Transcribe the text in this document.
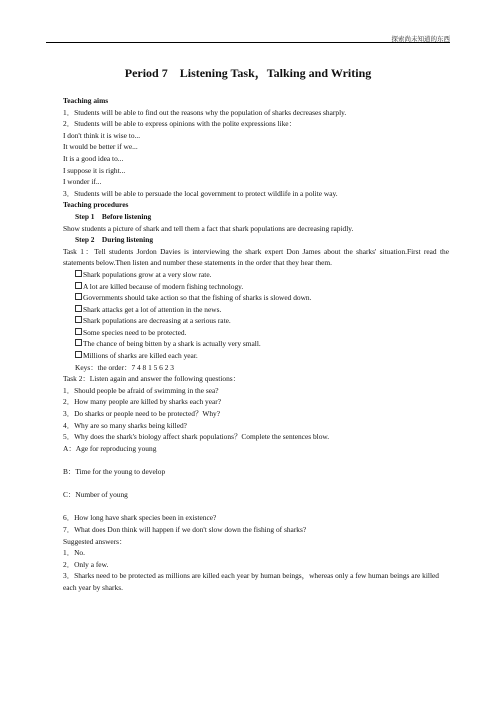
探索尚未知道的东西
Period 7　Listening Task，Talking and Writing
Teaching aims
1．Students will be able to find out the reasons why the population of sharks decreases sharply.
2．Students will be able to express opinions with the polite expressions like：
I don't think it is wise to...
It would be better if we...
It is a good idea to...
I suppose it is right...
I wonder if...
3．Students will be able to persuade the local government to protect wildlife in a polite way.
Teaching procedures
Step 1　Before listening
Show students a picture of shark and tell them a fact that shark populations are decreasing rapidly.
Step 2　During listening
Task 1：Tell students Jordon Davies is interviewing the shark expert Don James about the sharks' situation.First read the statements below.Then listen and number these statements in the order that they hear them.
Shark populations grow at a very slow rate.
A lot are killed because of modern fishing technology.
Governments should take action so that the fishing of sharks is slowed down.
Shark attacks get a lot of attention in the news.
Shark populations are decreasing at a serious rate.
Some species need to be protected.
The chance of being bitten by a shark is actually very small.
Millions of sharks are killed each year.
Keys：the order：7 4 8 1 5 6 2 3
Task 2：Listen again and answer the following questions：
1．Should people be afraid of swimming in the sea?
2．How many people are killed by sharks each year?
3．Do sharks or people need to be protected？Why?
4．Why are so many sharks being killed?
5．Why does the shark's biology affect shark populations？Complete the sentences blow.
A：Age for reproducing young
B：Time for the young to develop
C：Number of young
6．How long have shark species been in existence?
7．What does Don think will happen if we don't slow down the fishing of sharks?
Suggested answers：
1．No.
2．Only a few.
3．Sharks need to be protected as millions are killed each year by human beings，whereas only a few human beings are killed each year by sharks.
